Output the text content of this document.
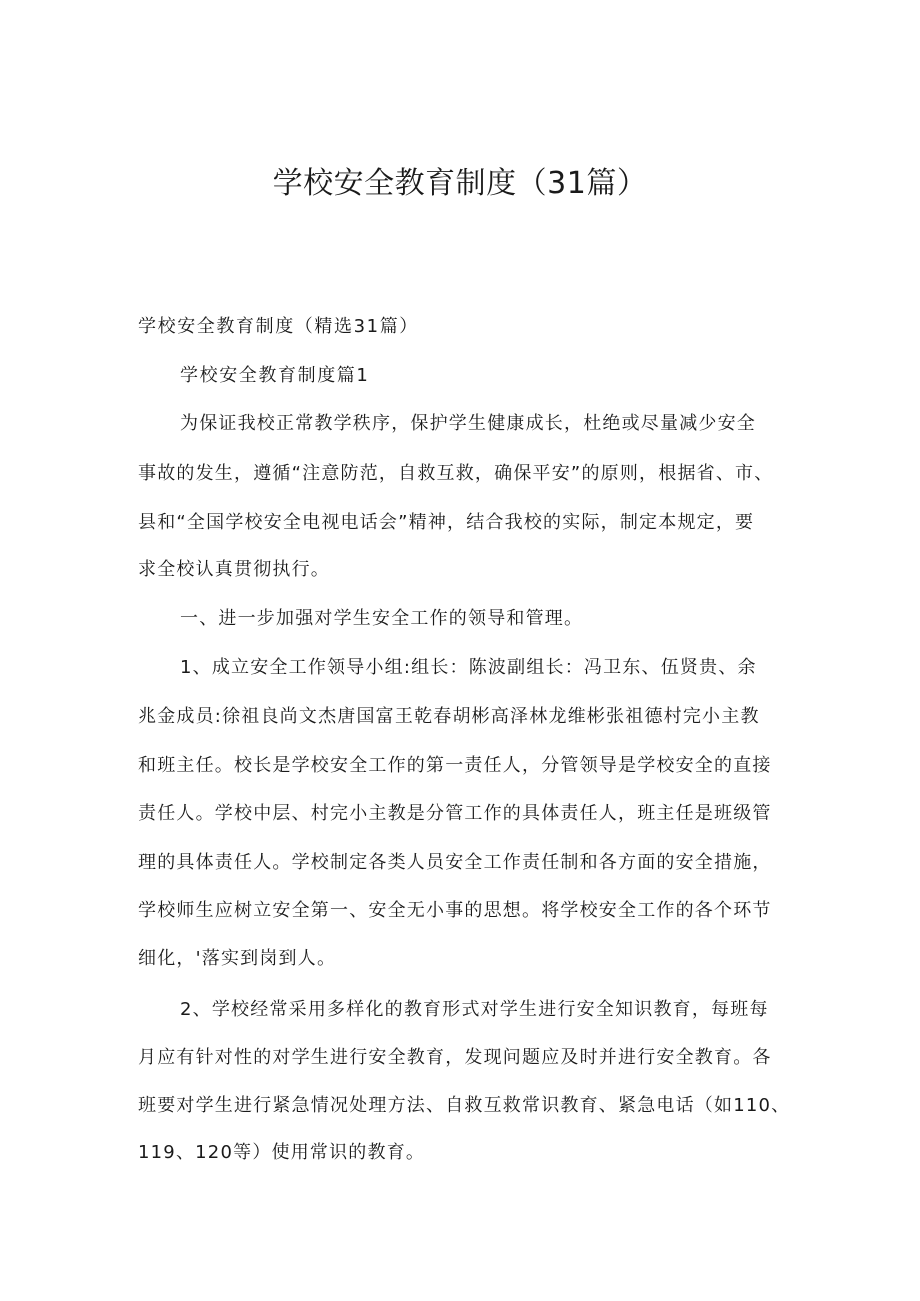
学校安全教育制度（31篇）

学校安全教育制度（精选31篇）

学校安全教育制度篇1

为保证我校正常教学秩序，保护学生健康成长，杜绝或尽量减少安全

事故的发生，遵循“注意防范，自救互救，确保平安”的原则，根据省、市、

县和“全国学校安全电视电话会”精神，结合我校的实际，制定本规定，要

求全校认真贯彻执行。

一、进一步加强对学生安全工作的领导和管理。

1、成立安全工作领导小组:组长：陈波副组长：冯卫东、伍贤贵、余

兆金成员:徐祖良尚文杰唐国富王乾春胡彬高泽林龙维彬张祖德村完小主教

和班主任。校长是学校安全工作的第一责任人，分管领导是学校安全的直接

责任人。学校中层、村完小主教是分管工作的具体责任人，班主任是班级管

理的具体责任人。学校制定各类人员安全工作责任制和各方面的安全措施，

学校师生应树立安全第一、安全无小事的思想。将学校安全工作的各个环节

细化，'落实到岗到人。

2、学校经常采用多样化的教育形式对学生进行安全知识教育，每班每

月应有针对性的对学生进行安全教育，发现问题应及时并进行安全教育。各

班要对学生进行紧急情况处理方法、自救互救常识教育、紧急电话（如110、

119、120等）使用常识的教育。
